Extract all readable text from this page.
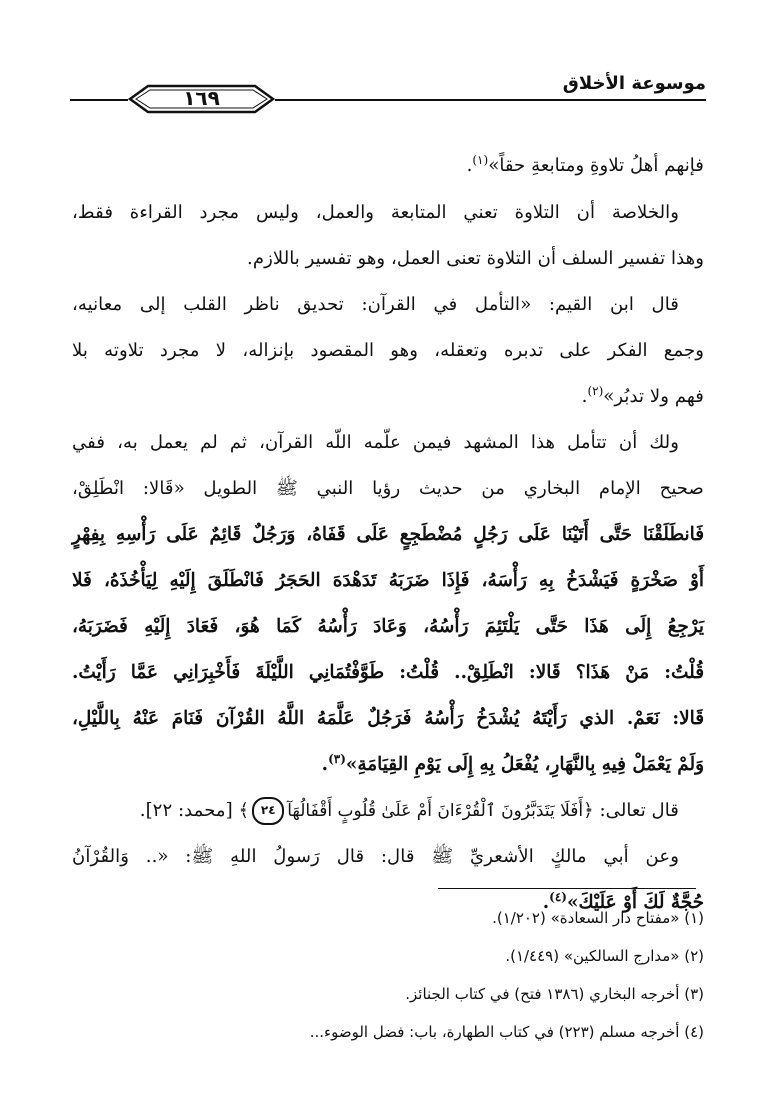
١٦٩
موسوعة الأخلاق
فإنهم أهلُ تلاوةِ ومتابعةِ حقاً»$^{(١)}$.
والخلاصة أن التلاوة تعني المتابعة والعمل، وليس مجرد القراءة فقط،
وهذا تفسير السلف أن التلاوة تعنى العمل، وهو تفسير باللازم.
قال ابن القيم: «التأمل في القرآن: تحديق ناظر القلب إلى معانيه،
وجمع الفكر على تدبره وتعقله، وهو المقصود بإنزاله، لا مجرد تلاوته بلا
فهم ولا تدبُر»$^{(٢)}$.
ولك أن تتأمل هذا المشهد فيمن علّمه اللّه القرآن، ثم لم يعمل به، ففي
صحيح الإمام البخاري من حديث رؤيا النبي ﷺ الطويل «قَالا: انْطَلِقْ،
فَانطَلَقْنَا حَتَّى أَتَيْنَا عَلَى رَجُلٍ مُضْطَجِعٍ عَلَى قَفَاهُ، وَرَجُلٌ قَائِمٌ عَلَى رَأْسِهِ بِفِهْرٍ
أَوْ صَخْرَةٍ فَيَشْدَخُ بِهِ رَأْسَهُ، فَإِذَا ضَرَبَهُ تَدَهْدَهَ الحَجَرُ فَانْطَلَقَ إِلَيْهِ لِيَأْخُذَهُ، فَلا
يَرْجِعُ إِلَى هَذَا حَتَّى يَلْتَئِمَ رَأْسُهُ، وَعَادَ رَأْسُهُ كَمَا هُوَ، فَعَادَ إِلَيْهِ فَضَرَبَهُ،
قُلْتُ: مَنْ هَذَا؟ قَالا: انْطَلِقْ.. قُلْتُ: طَوَّفْتُمَانِي اللَّيْلَةَ فَأَخْبِرَانِي عَمَّا رَأَيْتُ.
قَالا: نَعَمْ. الذي رَأَيْتَهُ يُشْدَخُ رَأْسُهُ فَرَجُلٌ عَلَّمَهُ اللَّهُ القُرْآنَ فَنَامَ عَنْهُ بِاللَّيْلِ،
وَلَمْ يَعْمَلْ فِيهِ بِالنَّهَارِ، يُفْعَلُ بِهِ إِلَى يَوْمِ القِيَامَةِ»$^{(٣)}$.
قال تعالى: ﴿أَفَلَا يَتَدَبَّرُونَ ٱلْقُرْءَانَ أَمْ عَلَىٰ قُلُوبٍ أَقْفَالُهَآ٢٤﴾ [محمد: ٢٢].
وعن أبي مالكٍ الأشعريِّ ﷺ قال: قال رَسولُ اللهِ ﷺ: «.. وَالقُرْآنُ
حُجَّةٌ لَكَ أَوْ عَلَيْكَ»$^{(٤)}$.
(١) «مفتاح دار السعادة» (١/٢٠٢).
(٢) «مدارج السالكين» (١/٤٤٩).
(٣) أخرجه البخاري (١٣٨٦ فتح) في كتاب الجنائز.
(٤) أخرجه مسلم (٢٢٣) في كتاب الطهارة، باب: فضل الوضوء...
